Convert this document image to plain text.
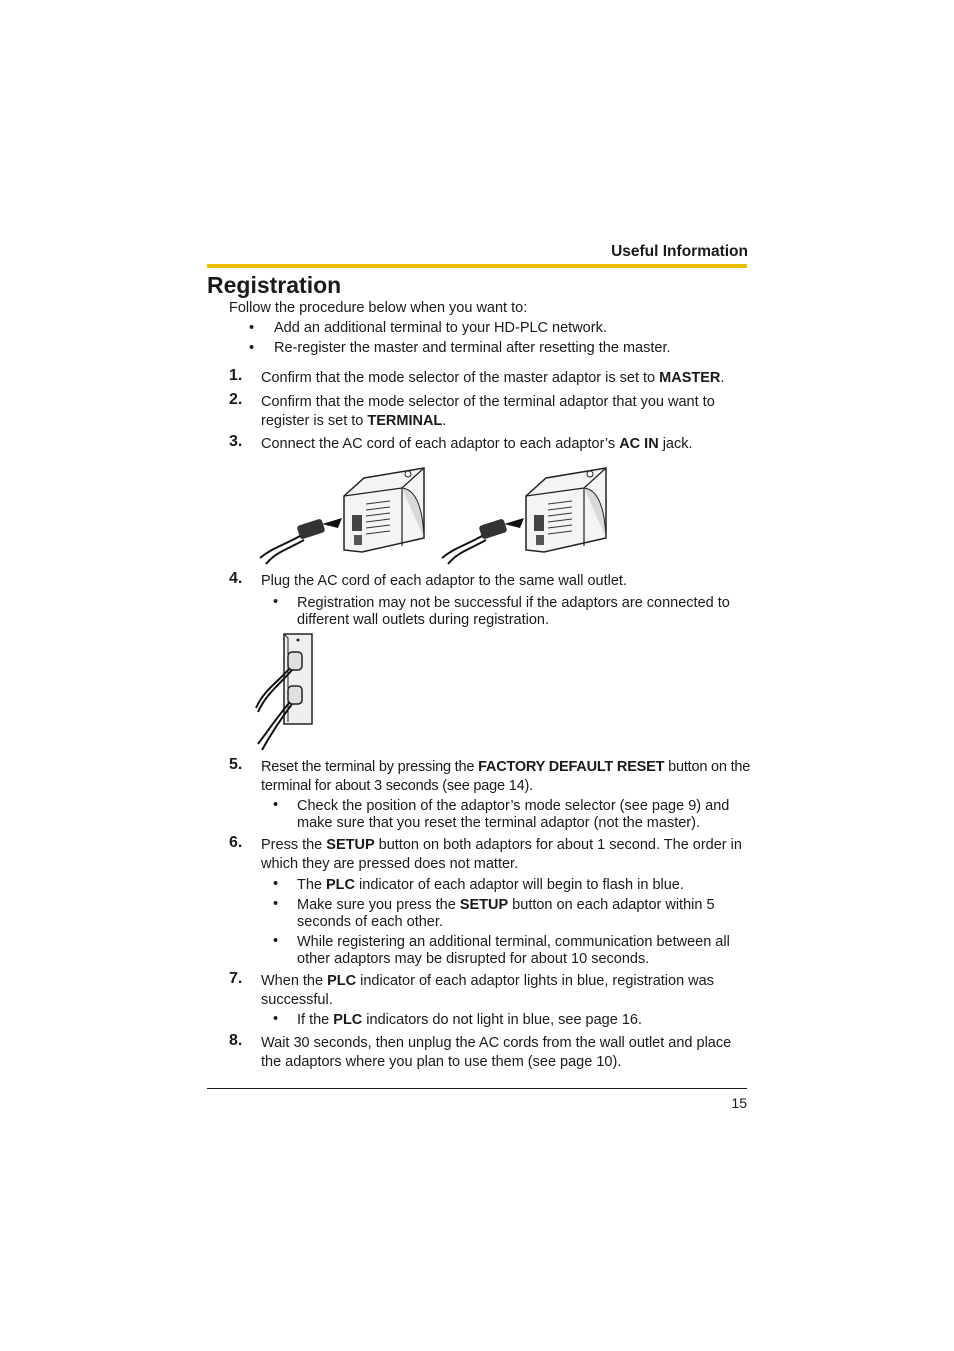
Useful Information
Registration
Follow the procedure below when you want to:
• Add an additional terminal to your HD-PLC network.
• Re-register the master and terminal after resetting the master.
1. Confirm that the mode selector of the master adaptor is set to MASTER.
2. Confirm that the mode selector of the terminal adaptor that you want to register is set to TERMINAL.
3. Connect the AC cord of each adaptor to each adaptor’s AC IN jack.
4. Plug the AC cord of each adaptor to the same wall outlet.
• Registration may not be successful if the adaptors are connected to different wall outlets during registration.
5. Reset the terminal by pressing the FACTORY DEFAULT RESET button on the terminal for about 3 seconds (see page 14).
• Check the position of the adaptor’s mode selector (see page 9) and make sure that you reset the terminal adaptor (not the master).
6. Press the SETUP button on both adaptors for about 1 second. The order in which they are pressed does not matter.
• The PLC indicator of each adaptor will begin to flash in blue.
• Make sure you press the SETUP button on each adaptor within 5 seconds of each other.
• While registering an additional terminal, communication between all other adaptors may be disrupted for about 10 seconds.
7. When the PLC indicator of each adaptor lights in blue, registration was successful.
• If the PLC indicators do not light in blue, see page 16.
8. Wait 30 seconds, then unplug the AC cords from the wall outlet and place the adaptors where you plan to use them (see page 10).
15
